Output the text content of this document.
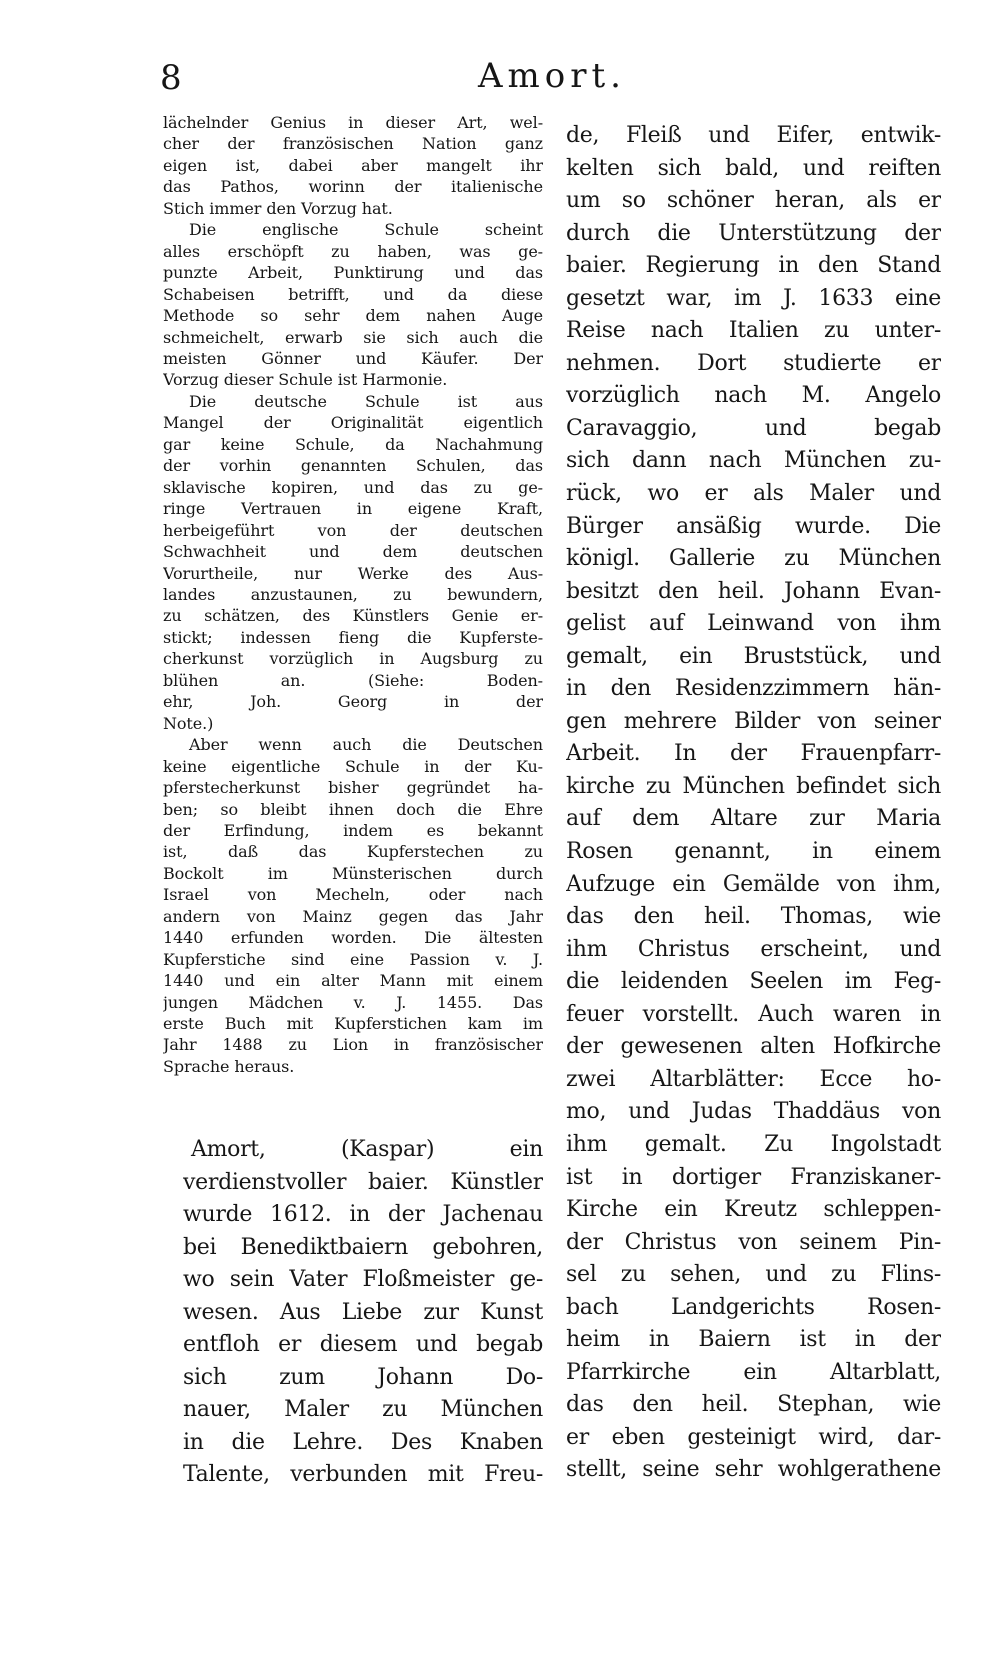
8	Amort.
lächelnder Genius in dieser Art, wel-
cher der französischen Nation ganz
eigen ist, dabei aber mangelt ihr
das Pathos, worinn der italienische
Stich immer den Vorzug hat.
Die englische Schule scheint
alles erschöpft zu haben, was ge-
punzte Arbeit, Punktirung und das
Schabeisen betrifft, und da diese
Methode so sehr dem nahen Auge
schmeichelt, erwarb sie sich auch die
meisten Gönner und Käufer. Der
Vorzug dieser Schule ist Harmonie.
Die deutsche Schule ist aus
Mangel der Originalität eigentlich
gar keine Schule, da Nachahmung
der vorhin genannten Schulen, das
sklavische kopiren, und das zu ge-
ringe Vertrauen in eigene Kraft,
herbeigeführt von der deutschen
Schwachheit und dem deutschen
Vorurtheile, nur Werke des Aus-
landes anzustaunen, zu bewundern,
zu schätzen, des Künstlers Genie er-
stickt; indessen fieng die Kupferste-
cherkunst vorzüglich in Augsburg zu
blühen an. (Siehe: Boden-
ehr, Joh. Georg in der
Note.)
Aber wenn auch die Deutschen
keine eigentliche Schule in der Ku-
pferstecherkunst bisher gegründet ha-
ben; so bleibt ihnen doch die Ehre
der Erfindung, indem es bekannt
ist, daß das Kupferstechen zu
Bockolt im Münsterischen durch
Israel von Mecheln, oder nach
andern von Mainz gegen das Jahr
1440 erfunden worden. Die ältesten
Kupferstiche sind eine Passion v. J.
1440 und ein alter Mann mit einem
jungen Mädchen v. J. 1455. Das
erste Buch mit Kupferstichen kam im
Jahr 1488 zu Lion in französischer
Sprache heraus.
Amort, (Kaspar) ein
verdienstvoller baier. Künstler
wurde 1612. in der Jachenau
bei Benediktbaiern gebohren,
wo sein Vater Floßmeister ge-
wesen. Aus Liebe zur Kunst
entfloh er diesem und begab
sich zum Johann Do-
nauer, Maler zu München
in die Lehre. Des Knaben
Talente, verbunden mit Freu-
de, Fleiß und Eifer, entwik-
kelten sich bald, und reiften
um so schöner heran, als er
durch die Unterstützung der
baier. Regierung in den Stand
gesetzt war, im J. 1633 eine
Reise nach Italien zu unter-
nehmen. Dort studierte er
vorzüglich nach M. Angelo
Caravaggio, und begab
sich dann nach München zu-
rück, wo er als Maler und
Bürger ansäßig wurde. Die
königl. Gallerie zu München
besitzt den heil. Johann Evan-
gelist auf Leinwand von ihm
gemalt, ein Bruststück, und
in den Residenzzimmern hän-
gen mehrere Bilder von seiner
Arbeit. In der Frauenpfarr-
kirche zu München befindet sich
auf dem Altare zur Maria
Rosen genannt, in einem
Aufzuge ein Gemälde von ihm,
das den heil. Thomas, wie
ihm Christus erscheint, und
die leidenden Seelen im Feg-
feuer vorstellt. Auch waren in
der gewesenen alten Hofkirche
zwei Altarblätter: Ecce ho-
mo, und Judas Thaddäus von
ihm gemalt. Zu Ingolstadt
ist in dortiger Franziskaner-
Kirche ein Kreutz schleppen-
der Christus von seinem Pin-
sel zu sehen, und zu Flins-
bach Landgerichts Rosen-
heim in Baiern ist in der
Pfarrkirche ein Altarblatt,
das den heil. Stephan, wie
er eben gesteinigt wird, dar-
stellt, seine sehr wohlgerathene
